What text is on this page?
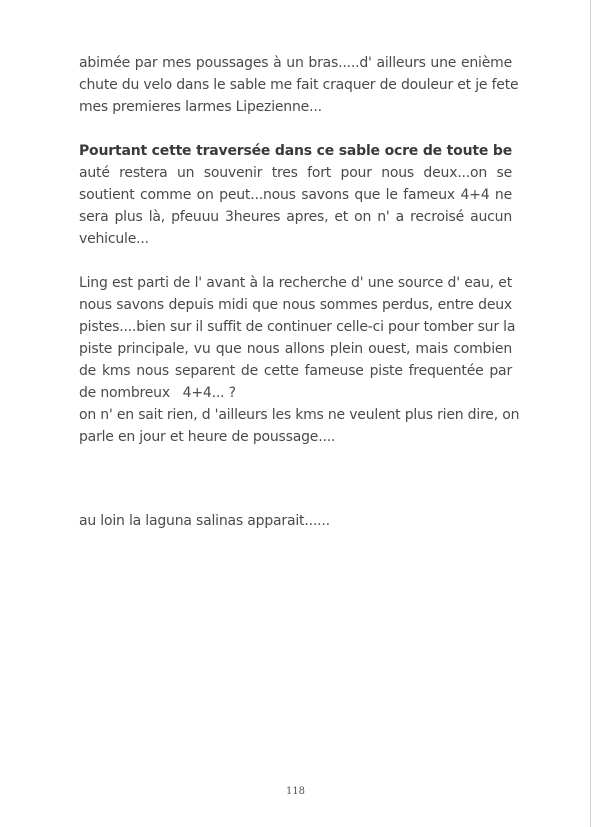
abimée par mes poussages à un bras.....d' ailleurs une enième
chute du velo dans le sable me fait craquer de douleur et je fete
mes premieres larmes Lipezienne...
Pourtant cette traversée dans ce sable ocre de toute be
auté restera un souvenir tres fort pour nous deux...on se
soutient comme on peut...nous savons que le fameux 4+4 ne
sera plus là, pfeuuu 3heures apres, et on n' a recroisé aucun
vehicule...
Ling est parti de l' avant à la recherche d' une source d' eau, et
nous savons depuis midi que nous sommes perdus, entre deux
pistes....bien sur il suffit de continuer celle-ci pour tomber sur la
piste principale, vu que nous allons plein ouest, mais combien
de kms nous separent de cette fameuse piste frequentée par
de nombreux   4+4... ?
on n' en sait rien, d 'ailleurs les kms ne veulent plus rien dire, on
parle en jour et heure de poussage....
au loin la laguna salinas apparait......
118
